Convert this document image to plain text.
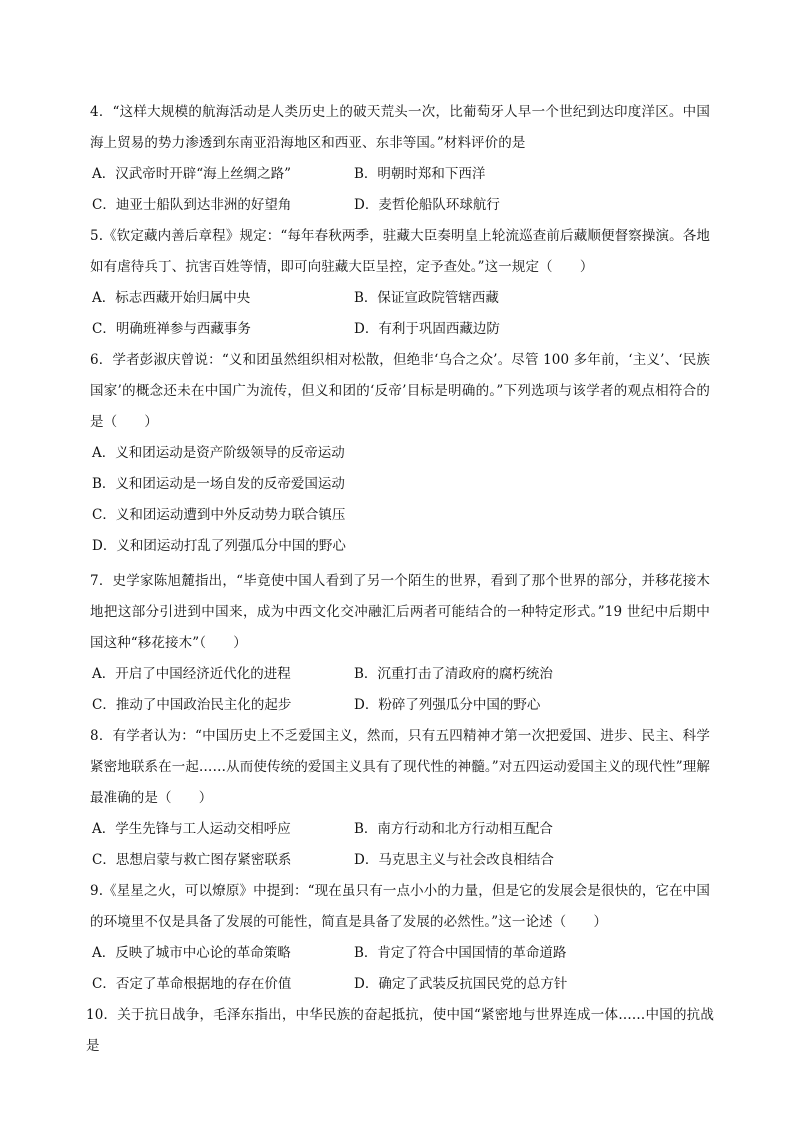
4．“这样大规模的航海活动是人类历史上的破天荒头一次，比葡萄牙人早一个世纪到达印度洋区。中国海上贸易的势力渗透到东南亚沿海地区和西亚、东非等国。”材料评价的是

A．汉武帝时开辟“海上丝绸之路”	B．明朝时郑和下西洋
C．迪亚士船队到达非洲的好望角	D．麦哲伦船队环球航行

5.《钦定藏内善后章程》规定：“每年春秋两季，驻藏大臣奏明皇上轮流巡查前后藏顺便督察操演。各地如有虐待兵丁、抗害百姓等情，即可向驻藏大臣呈控，定予查处。”这一规定（　　）

A．标志西藏开始归属中央	B．保证宣政院管辖西藏
C．明确班禅参与西藏事务	D．有利于巩固西藏边防

6．学者彭淑庆曾说：“义和团虽然组织相对松散，但绝非‘乌合之众’。尽管 100 多年前，‘主义’、‘民族国家’的概念还未在中国广为流传，但义和团的‘反帝’目标是明确的。”下列选项与该学者的观点相符合的是（　　）

A．义和团运动是资产阶级领导的反帝运动
B．义和团运动是一场自发的反帝爱国运动
C．义和团运动遭到中外反动势力联合镇压
D．义和团运动打乱了列强瓜分中国的野心

7．史学家陈旭麓指出，“毕竟使中国人看到了另一个陌生的世界，看到了那个世界的部分，并移花接木地把这部分引进到中国来，成为中西文化交冲融汇后两者可能结合的一种特定形式。”19 世纪中后期中国这种“移花接木”（　　）

A．开启了中国经济近代化的进程	B．沉重打击了清政府的腐朽统治
C．推动了中国政治民主化的起步	D．粉碎了列强瓜分中国的野心

8．有学者认为：“中国历史上不乏爱国主义，然而，只有五四精神才第一次把爱国、进步、民主、科学紧密地联系在一起……从而使传统的爱国主义具有了现代性的神髓。”对五四运动爱国主义的现代性”理解最准确的是（　　）

A．学生先锋与工人运动交相呼应	B．南方行动和北方行动相互配合
C．思想启蒙与救亡图存紧密联系	D．马克思主义与社会改良相结合

9.《星星之火，可以燎原》中提到：“现在虽只有一点小小的力量，但是它的发展会是很快的，它在中国的环境里不仅是具备了发展的可能性，简直是具备了发展的必然性。”这一论述（　　）

A．反映了城市中心论的革命策略	B．肯定了符合中国国情的革命道路
C．否定了革命根据地的存在价值	D．确定了武装反抗国民党的总方针

10．关于抗日战争，毛泽东指出，中华民族的奋起抵抗，使中国“紧密地与世界连成一体……中国的抗战是
